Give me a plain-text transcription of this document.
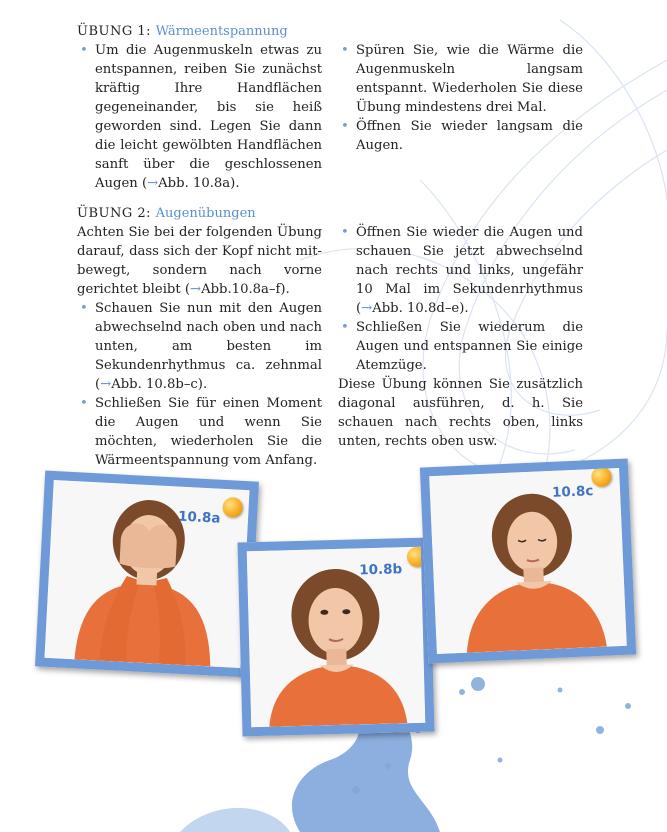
ÜBUNG 1: Wärmeentspannung
• Um die Augenmuskeln etwas zu entspannen, reiben Sie zunächst kräftig Ihre Handflächen gegeneinander, bis sie heiß geworden sind. Legen Sie dann die leicht gewölbten Handflächen sanft über die geschlossenen Augen (→Abb. 10.8a).
• Spüren Sie, wie die Wärme die Augenmuskeln langsam entspannt. Wiederholen Sie diese Übung mindestens drei Mal.
• Öffnen Sie wieder langsam die Augen.
ÜBUNG 2: Augenübungen

Achten Sie bei der folgenden Übung darauf, dass sich der Kopf nicht mitbewegt, sondern nach vorne gerichtet bleibt (→Abb.10.8a–f).

• Schauen Sie nun mit den Augen abwechselnd nach oben und nach unten, am besten im Sekundenrhythmus ca. zehnmal (→Abb. 10.8b–c).
• Schließen Sie für einen Moment die Augen und wenn Sie möchten, wiederholen Sie die Wärmeentspannung vom Anfang.
• Öffnen Sie wieder die Augen und schauen Sie jetzt abwechselnd nach rechts und links, ungefähr 10 Mal im Sekundenrhythmus (→Abb. 10.8d–e).
• Schließen Sie wiederum die Augen und entspannen Sie einige Atemzüge.

Diese Übung können Sie zusätzlich diagonal ausführen, d. h. Sie schauen nach rechts oben, links unten, rechts oben usw.

10.8a
10.8b
10.8c
